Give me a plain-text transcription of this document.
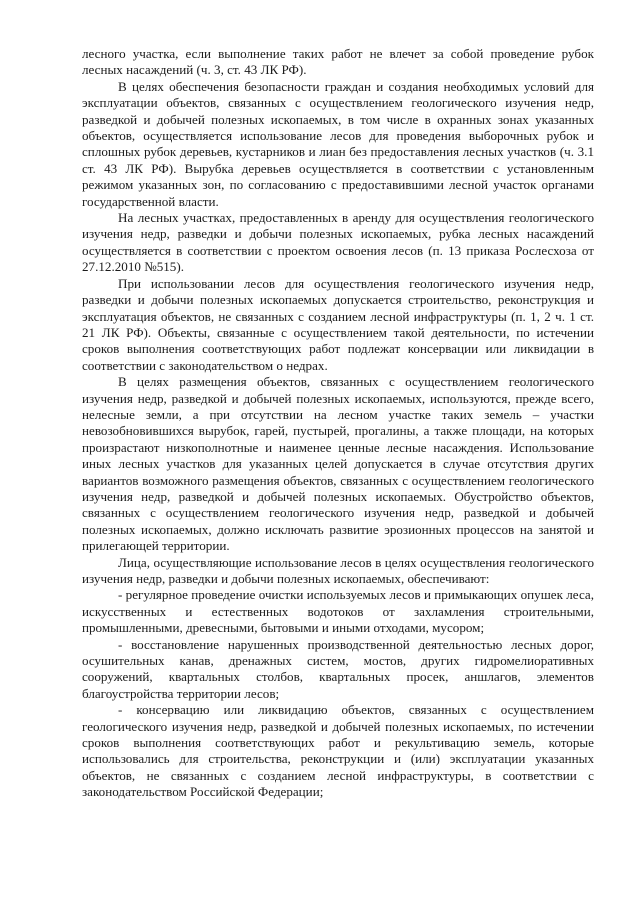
лесного участка, если выполнение таких работ не влечет за собой проведение рубок лесных насаждений (ч. 3, ст. 43 ЛК РФ).

В целях обеспечения безопасности граждан и создания необходимых условий для эксплуатации объектов, связанных с осуществлением геологического изучения недр, разведкой и добычей полезных ископаемых, в том числе в охранных зонах указанных объектов, осуществляется использование лесов для проведения выборочных рубок и сплошных рубок деревьев, кустарников и лиан без предоставления лесных участков (ч. 3.1 ст. 43 ЛК РФ). Вырубка деревьев осуществляется в соответствии с установленным режимом указанных зон, по согласованию с предоставившими лесной участок органами государственной власти.

На лесных участках, предоставленных в аренду для осуществления геологического изучения недр, разведки и добычи полезных ископаемых, рубка лесных насаждений осуществляется в соответствии с проектом освоения лесов (п. 13 приказа Рослесхоза от 27.12.2010 №515).

При использовании лесов для осуществления геологического изучения недр, разведки и добычи полезных ископаемых допускается строительство, реконструкция и эксплуатация объектов, не связанных с созданием лесной инфраструктуры (п. 1, 2 ч. 1 ст. 21 ЛК РФ). Объекты, связанные с осуществлением такой деятельности, по истечении сроков выполнения соответствующих работ подлежат консервации или ликвидации в соответствии с законодательством о недрах.

В целях размещения объектов, связанных с осуществлением геологического изучения недр, разведкой и добычей полезных ископаемых, используются, прежде всего, нелесные земли, а при отсутствии на лесном участке таких земель – участки невозобновившихся вырубок, гарей, пустырей, прогалины, а также площади, на которых произрастают низкополнотные и наименее ценные лесные насаждения. Использование иных лесных участков для указанных целей допускается в случае отсутствия других вариантов возможного размещения объектов, связанных с осуществлением геологического изучения недр, разведкой и добычей полезных ископаемых. Обустройство объектов, связанных с осуществлением геологического изучения недр, разведкой и добычей полезных ископаемых, должно исключать развитие эрозионных процессов на занятой и прилегающей территории.

Лица, осуществляющие использование лесов в целях осуществления геологического изучения недр, разведки и добычи полезных ископаемых, обеспечивают:

- регулярное проведение очистки используемых лесов и примыкающих опушек леса, искусственных и естественных водотоков от захламления строительными, промышленными, древесными, бытовыми и иными отходами, мусором;

- восстановление нарушенных производственной деятельностью лесных дорог, осушительных канав, дренажных систем, мостов, других гидромелиоративных сооружений, квартальных столбов, квартальных просек, аншлагов, элементов благоустройства территории лесов;

- консервацию или ликвидацию объектов, связанных с осуществлением геологического изучения недр, разведкой и добычей полезных ископаемых, по истечении сроков выполнения соответствующих работ и рекультивацию земель, которые использовались для строительства, реконструкции и (или) эксплуатации указанных объектов, не связанных с созданием лесной инфраструктуры, в соответствии с законодательством Российской Федерации;
